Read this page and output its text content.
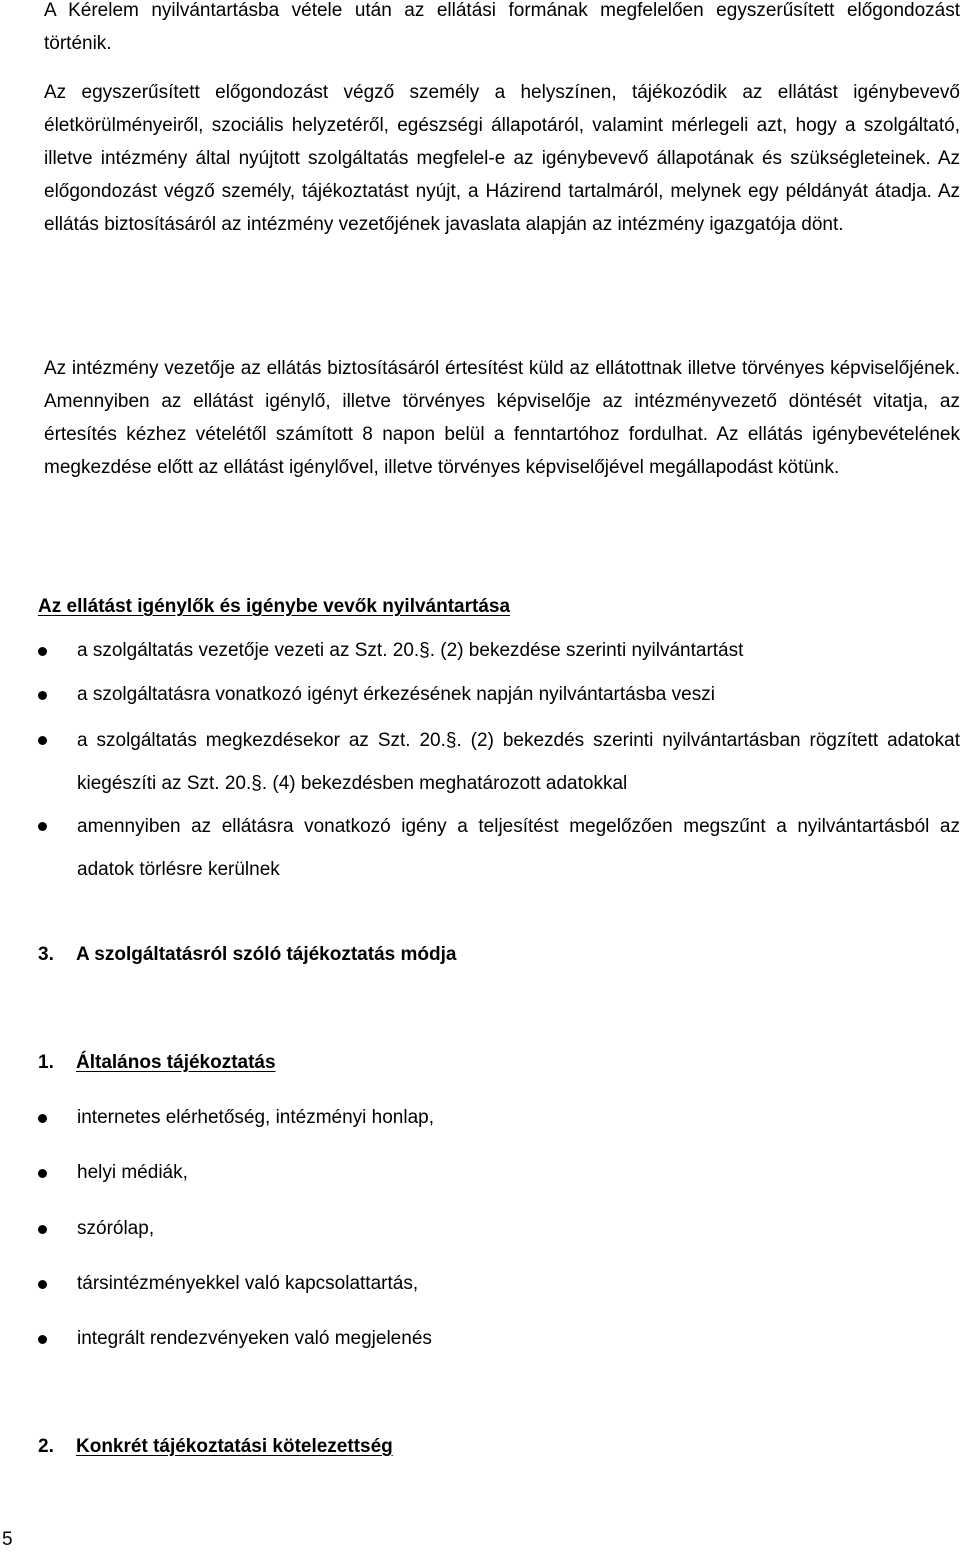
A Kérelem nyilvántartásba vétele után az ellátási formának megfelelően egyszerűsített előgondozást történik.

Az egyszerűsített előgondozást végző személy a helyszínen, tájékozódik az ellátást igénybevevő életkörülményeiről, szociális helyzetéről, egészségi állapotáról, valamint mérlegeli azt, hogy a szolgáltató, illetve intézmény által nyújtott szolgáltatás megfelel-e az igénybevevő állapotának és szükségleteinek. Az előgondozást végző személy, tájékoztatást nyújt, a Házirend tartalmáról, melynek egy példányát átadja. Az ellátás biztosításáról az intézmény vezetőjének javaslata alapján az intézmény igazgatója dönt.

Az intézmény vezetője az ellátás biztosításáról értesítést küld az ellátottnak illetve törvényes képviselőjének. Amennyiben az ellátást igénylő, illetve törvényes képviselője az intézményvezető döntését vitatja, az értesítés kézhez vételétől számított 8 napon belül a fenntartóhoz fordulhat. Az ellátás igénybevételének megkezdése előtt az ellátást igénylővel, illetve törvényes képviselőjével megállapodást kötünk.

Az ellátást igénylők és igénybe vevők nyilvántartása

a szolgáltatás vezetője vezeti az Szt. 20.§. (2) bekezdése szerinti nyilvántartást

a szolgáltatásra vonatkozó igényt érkezésének napján nyilvántartásba veszi

a szolgáltatás megkezdésekor az Szt. 20.§. (2) bekezdés szerinti nyilvántartásban rögzített adatokat kiegészíti az Szt. 20.§. (4) bekezdésben meghatározott adatokkal

amennyiben az ellátásra vonatkozó igény a teljesítést megelőzően megszűnt a nyilvántartásból az adatok törlésre kerülnek

3. A szolgáltatásról szóló tájékoztatás módja
1. Általános tájékoztatás

internetes elérhetőség, intézményi honlap,

helyi médiák,

szórólap,

társintézményekkel való kapcsolattartás,

integrált rendezvényeken való megjelenés

2. Konkrét tájékoztatási kötelezettség
5
